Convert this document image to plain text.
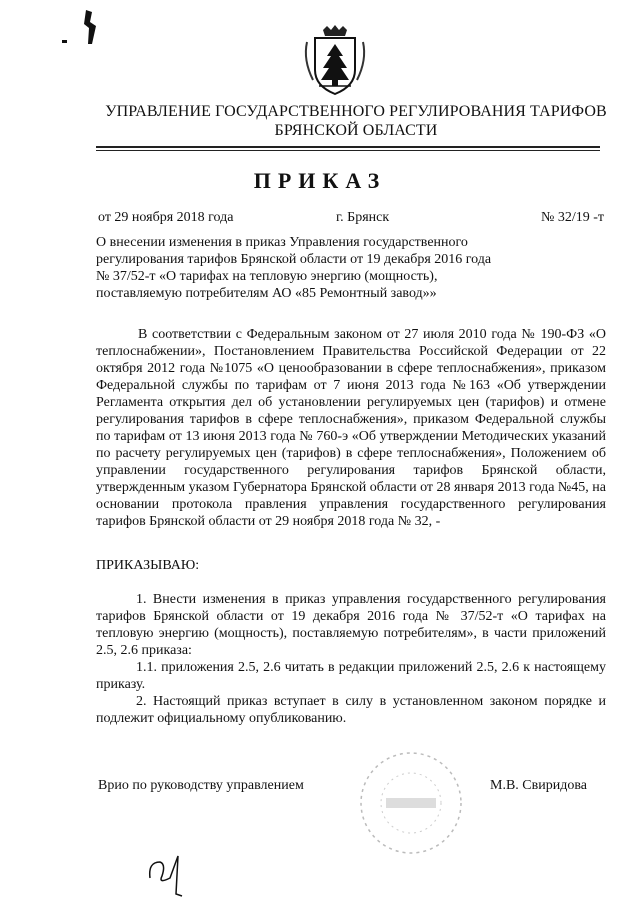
УПРАВЛЕНИЕ ГОСУДАРСТВЕННОГО РЕГУЛИРОВАНИЯ ТАРИФОВ
БРЯНСКОЙ ОБЛАСТИ
ПРИКАЗ
от 29 ноября 2018 года	г. Брянск	№ 32/19 -т
О внесении изменения в приказ Управления государственного
регулирования тарифов Брянской области от 19 декабря 2016 года
№ 37/52-т «О тарифах на тепловую энергию (мощность),
поставляемую потребителям АО «85 Ремонтный завод»»
В соответствии с Федеральным законом от 27 июля 2010 года № 190-ФЗ «О теплоснабжении», Постановлением Правительства Российской Федерации от 22 октября 2012 года №1075 «О ценообразовании в сфере теплоснабжения», приказом Федеральной службы по тарифам от 7 июня 2013 года №163 «Об утверждении Регламента открытия дел об установлении регулируемых цен (тарифов) и отмене регулирования тарифов в сфере теплоснабжения», приказом Федеральной службы по тарифам от 13 июня 2013 года № 760-э «Об утверждении Методических указаний по расчету регулируемых цен (тарифов) в сфере теплоснабжения», Положением об управлении государственного регулирования тарифов Брянской области, утвержденным указом Губернатора Брянской области от 28 января 2013 года №45, на основании протокола правления управления государственного регулирования тарифов Брянской области от 29 ноября 2018 года № 32, -
ПРИКАЗЫВАЮ:

1. Внести изменения в приказ управления государственного регулирования тарифов Брянской области от 19 декабря 2016 года № 37/52-т «О тарифах на тепловую энергию (мощность), поставляемую потребителям», в части приложений 2.5, 2.6 приказа:

1.1. приложения 2.5, 2.6 читать в редакции приложений 2.5, 2.6 к настоящему приказу.

2. Настоящий приказ вступает в силу в установленном законом порядке и подлежит официальному опубликованию.

Врио по руководству управлением	М.В. Свиридова
